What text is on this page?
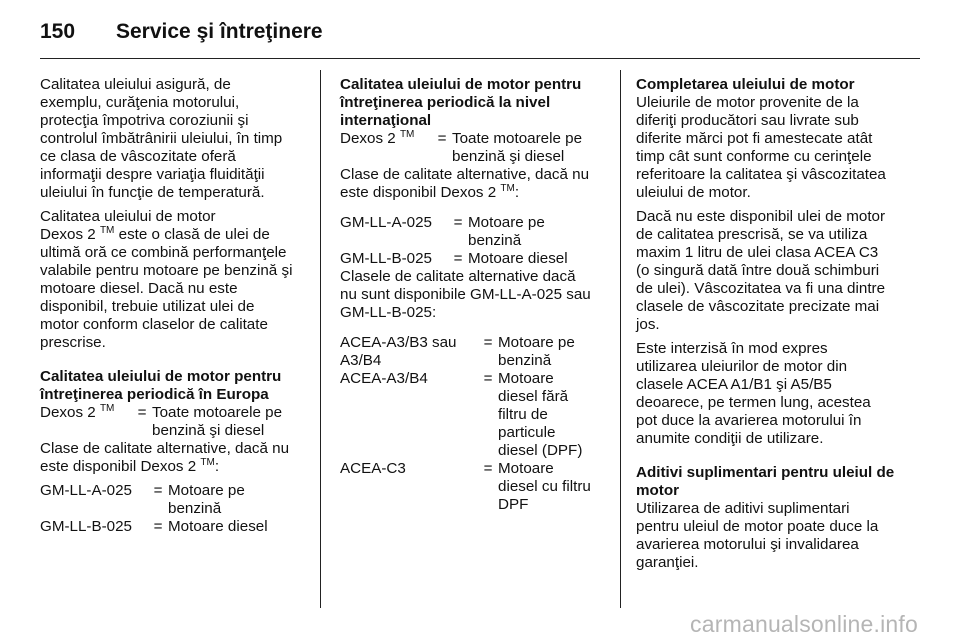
150	Service şi întreţinere

Calitatea uleiului asigură, de
exemplu, curăţenia motorului,
protecţia împotriva coroziunii şi
controlul îmbătrânirii uleiului, în timp
ce clasa de vâscozitate oferă
informaţii despre variaţia fluidităţii
uleiului în funcţie de temperatură.

Calitatea uleiului de motor

Dexos 2 ™ este o clasă de ulei de
ultimă oră ce combină performanţele
valabile pentru motoare pe benzină şi
motoare diesel. Dacă nu este
disponibil, trebuie utilizat ulei de
motor conform claselor de calitate
prescrise.

Calitatea uleiului de motor pentru
întreţinerea periodică în Europa

Dexos 2 ™	= Toate motoarele pe
benzină şi diesel

Clase de calitate alternative, dacă nu
este disponibil Dexos 2 ™:

GM-LL-A-025	= Motoare pe
benzină
GM-LL-B-025	= Motoare diesel

Calitatea uleiului de motor pentru
întreţinerea periodică la nivel
internaţional

Dexos 2 ™	= Toate motoarele pe
benzină şi diesel

Clase de calitate alternative, dacă nu
este disponibil Dexos 2 ™:

GM-LL-A-025	= Motoare pe
benzină
GM-LL-B-025	= Motoare diesel

Clasele de calitate alternative dacă
nu sunt disponibile GM-LL-A-025 sau
GM-LL-B-025:

ACEA-A3/B3 sau
A3/B4
= Motoare pe
benzină
ACEA-A3/B4	= Motoare
diesel fără
filtru de
particule
diesel (DPF)
ACEA-C3	= Motoare
diesel cu filtru
DPF

Completarea uleiului de motor

Uleiurile de motor provenite de la
diferiţi producători sau livrate sub
diferite mărci pot fi amestecate atât
timp cât sunt conforme cu cerinţele
referitoare la calitatea şi vâscozitatea
uleiului de motor.

Dacă nu este disponibil ulei de motor
de calitatea prescrisă, se va utiliza
maxim 1 litru de ulei clasa ACEA C3
(o singură dată între două schimburi
de ulei). Vâscozitatea va fi una dintre
clasele de vâscozitate precizate mai
jos.

Este interzisă în mod expres
utilizarea uleiurilor de motor din
clasele ACEA A1/B1 şi A5/B5
deoarece, pe termen lung, acestea
pot duce la avarierea motorului în
anumite condiţii de utilizare.

Aditivi suplimentari pentru uleiul de
motor

Utilizarea de aditivi suplimentari
pentru uleiul de motor poate duce la
avarierea motorului şi invalidarea
garanţiei.

carmanualsonline.info
